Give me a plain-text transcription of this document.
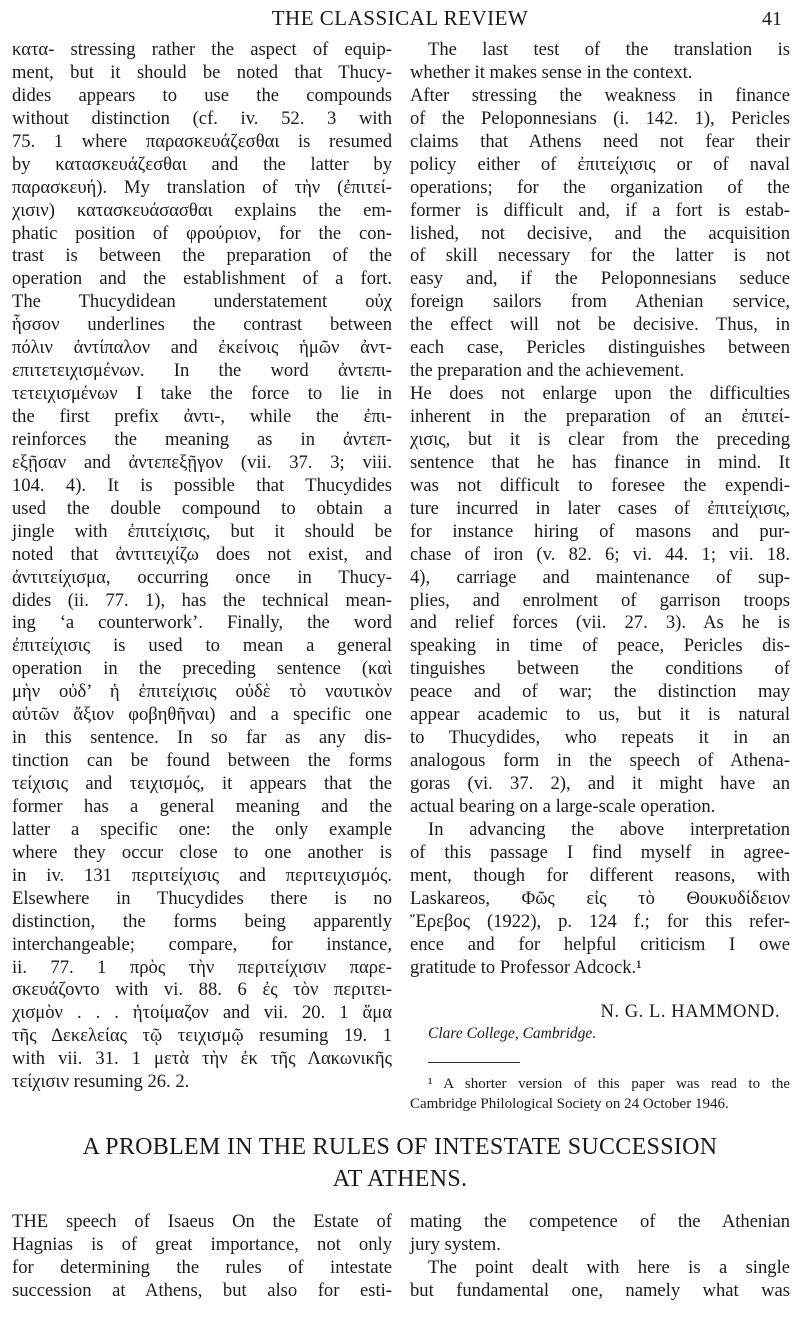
THE CLASSICAL REVIEW	41
κατα- stressing rather the aspect of equip-
ment, but it should be noted that Thucy-
dides appears to use the compounds
without distinction (cf. iv. 52. 3 with
75. 1 where παρασκευάζεσθαι is resumed
by κατασκευάζεσθαι and the latter by
παρασκευή). My translation of τὴν (ἐπιτεί-
χισιν) κατασκευάσασθαι explains the em-
phatic position of φρούριον, for the con-
trast is between the preparation of the
operation and the establishment of a fort.
The Thucydidean understatement οὐχ
ἧσσον underlines the contrast between
πόλιν ἀντίπαλον and ἐκείνοις ἡμῶν ἀντ-
επιτετειχισμένων. In the word ἀντεπι-
τετειχισμένων I take the force to lie in
the first prefix ἀντι-, while the ἐπι-
reinforces the meaning as in ἀντεπ-
εξῇσαν and ἀντεπεξῇγον (vii. 37. 3; viii.
104. 4). It is possible that Thucydides
used the double compound to obtain a
jingle with ἐπιτείχισις, but it should be
noted that ἀντιτειχίζω does not exist, and
ἀντιτείχισμα, occurring once in Thucy-
dides (ii. 77. 1), has the technical mean-
ing ‘a counterwork’. Finally, the word
ἐπιτείχισις is used to mean a general
operation in the preceding sentence (καὶ
μὴν οὐδ’ ἡ ἐπιτείχισις οὐδὲ τὸ ναυτικὸν
αὐτῶν ἄξιον φοβηθῆναι) and a specific one
in this sentence. In so far as any dis-
tinction can be found between the forms
τείχισις and τειχισμός, it appears that the
former has a general meaning and the
latter a specific one: the only example
where they occur close to one another is
in iv. 131 περιτείχισις and περιτειχισμός.
Elsewhere in Thucydides there is no
distinction, the forms being apparently
interchangeable; compare, for instance,
ii. 77. 1 πρὸς τὴν περιτείχισιν παρε-
σκευάζοντο with vi. 88. 6 ἐς τὸν περιτει-
χισμὸν . . . ἡτοίμαζον and vii. 20. 1 ἅμα
τῆς Δεκελείας τῷ τειχισμῷ resuming 19. 1
with vii. 31. 1 μετὰ τὴν ἐκ τῆς Λακωνικῆς
τείχισιν resuming 26. 2.
The last test of the translation is
whether it makes sense in the context.
After stressing the weakness in finance
of the Peloponnesians (i. 142. 1), Pericles
claims that Athens need not fear their
policy either of ἐπιτείχισις or of naval
operations; for the organization of the
former is difficult and, if a fort is estab-
lished, not decisive, and the acquisition
of skill necessary for the latter is not
easy and, if the Peloponnesians seduce
foreign sailors from Athenian service,
the effect will not be decisive. Thus, in
each case, Pericles distinguishes between
the preparation and the achievement.
He does not enlarge upon the difficulties
inherent in the preparation of an ἐπιτεί-
χισις, but it is clear from the preceding
sentence that he has finance in mind. It
was not difficult to foresee the expendi-
ture incurred in later cases of ἐπιτείχισις,
for instance hiring of masons and pur-
chase of iron (v. 82. 6; vi. 44. 1; vii. 18.
4), carriage and maintenance of sup-
plies, and enrolment of garrison troops
and relief forces (vii. 27. 3). As he is
speaking in time of peace, Pericles dis-
tinguishes between the conditions of
peace and of war; the distinction may
appear academic to us, but it is natural
to Thucydides, who repeats it in an
analogous form in the speech of Athena-
goras (vi. 37. 2), and it might have an
actual bearing on a large-scale operation.
In advancing the above interpretation
of this passage I find myself in agree-
ment, though for different reasons, with
Laskareos, Φῶς εἰς τὸ Θουκυδίδειον
Ἔρεβος (1922), p. 124 f.; for this refer-
ence and for helpful criticism I owe
gratitude to Professor Adcock.¹
N. G. L. HAMMOND.
Clare College, Cambridge.
¹ A shorter version of this paper was read to the
Cambridge Philological Society on 24 October 1946.
A PROBLEM IN THE RULES OF INTESTATE SUCCESSION
AT ATHENS.
THE speech of Isaeus On the Estate of
Hagnias is of great importance, not only
for determining the rules of intestate
succession at Athens, but also for esti-
mating the competence of the Athenian
jury system.
The point dealt with here is a single
but fundamental one, namely what was
